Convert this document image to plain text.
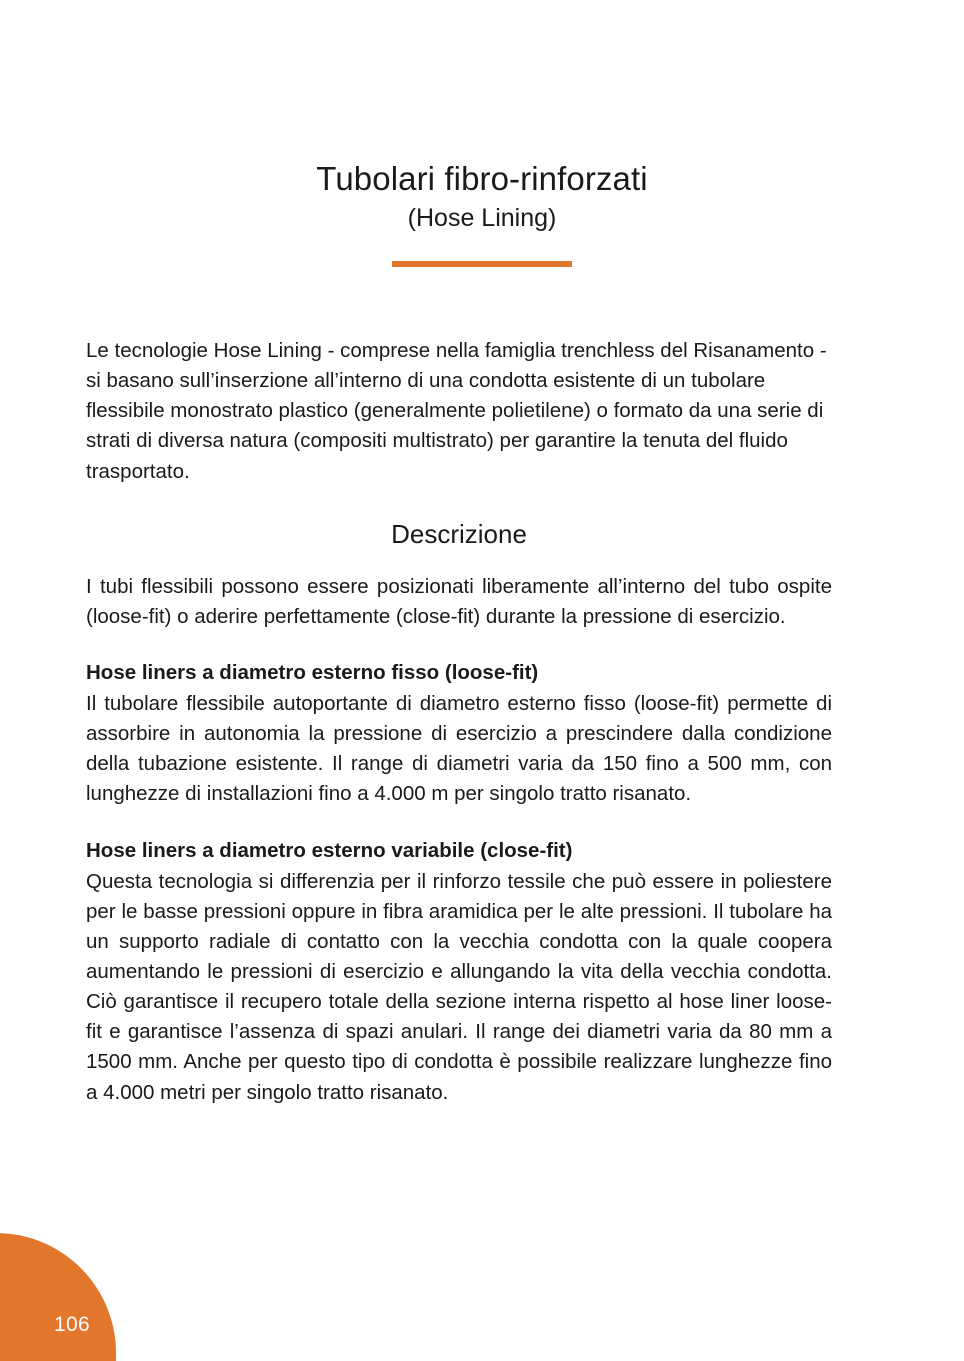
Tubolari fibro-rinforzati
(Hose Lining)

Le tecnologie Hose Lining - comprese nella famiglia trenchless del Risanamento - si basano sull’inserzione all’interno di una condotta esistente di un tubolare flessibile monostrato plastico (generalmente polietilene) o formato da una serie di strati di diversa natura (compositi multistrato) per garantire la tenuta del fluido trasportato.

Descrizione

I tubi flessibili possono essere posizionati liberamente all’interno del tubo ospite (loose-fit) o aderire perfettamente (close-fit) durante la pressione di esercizio.

Hose liners a diametro esterno fisso (loose-fit)

Il tubolare flessibile autoportante di diametro esterno fisso (loose-fit) permette di assorbire in autonomia la pressione di esercizio a prescindere dalla condizione della tubazione esistente. Il range di diametri varia da 150 fino a 500 mm, con lunghezze di installazioni fino a 4.000 m per singolo tratto risanato.

Hose liners a diametro esterno variabile (close-fit)

Questa tecnologia si differenzia per il rinforzo tessile che può essere in poliestere per le basse pressioni oppure in fibra aramidica per le alte pressioni. Il tubolare ha un supporto radiale di contatto con la vecchia condotta con la quale coopera aumentando le pressioni di esercizio e allungando la vita della vecchia condotta. Ciò garantisce il recupero totale della sezione interna rispetto al hose liner loose-fit e garantisce l’assenza di spazi anulari. Il range dei diametri varia da 80 mm a 1500 mm. Anche per questo tipo di condotta è possibile realizzare lunghezze fino a 4.000 metri per singolo tratto risanato.

106
